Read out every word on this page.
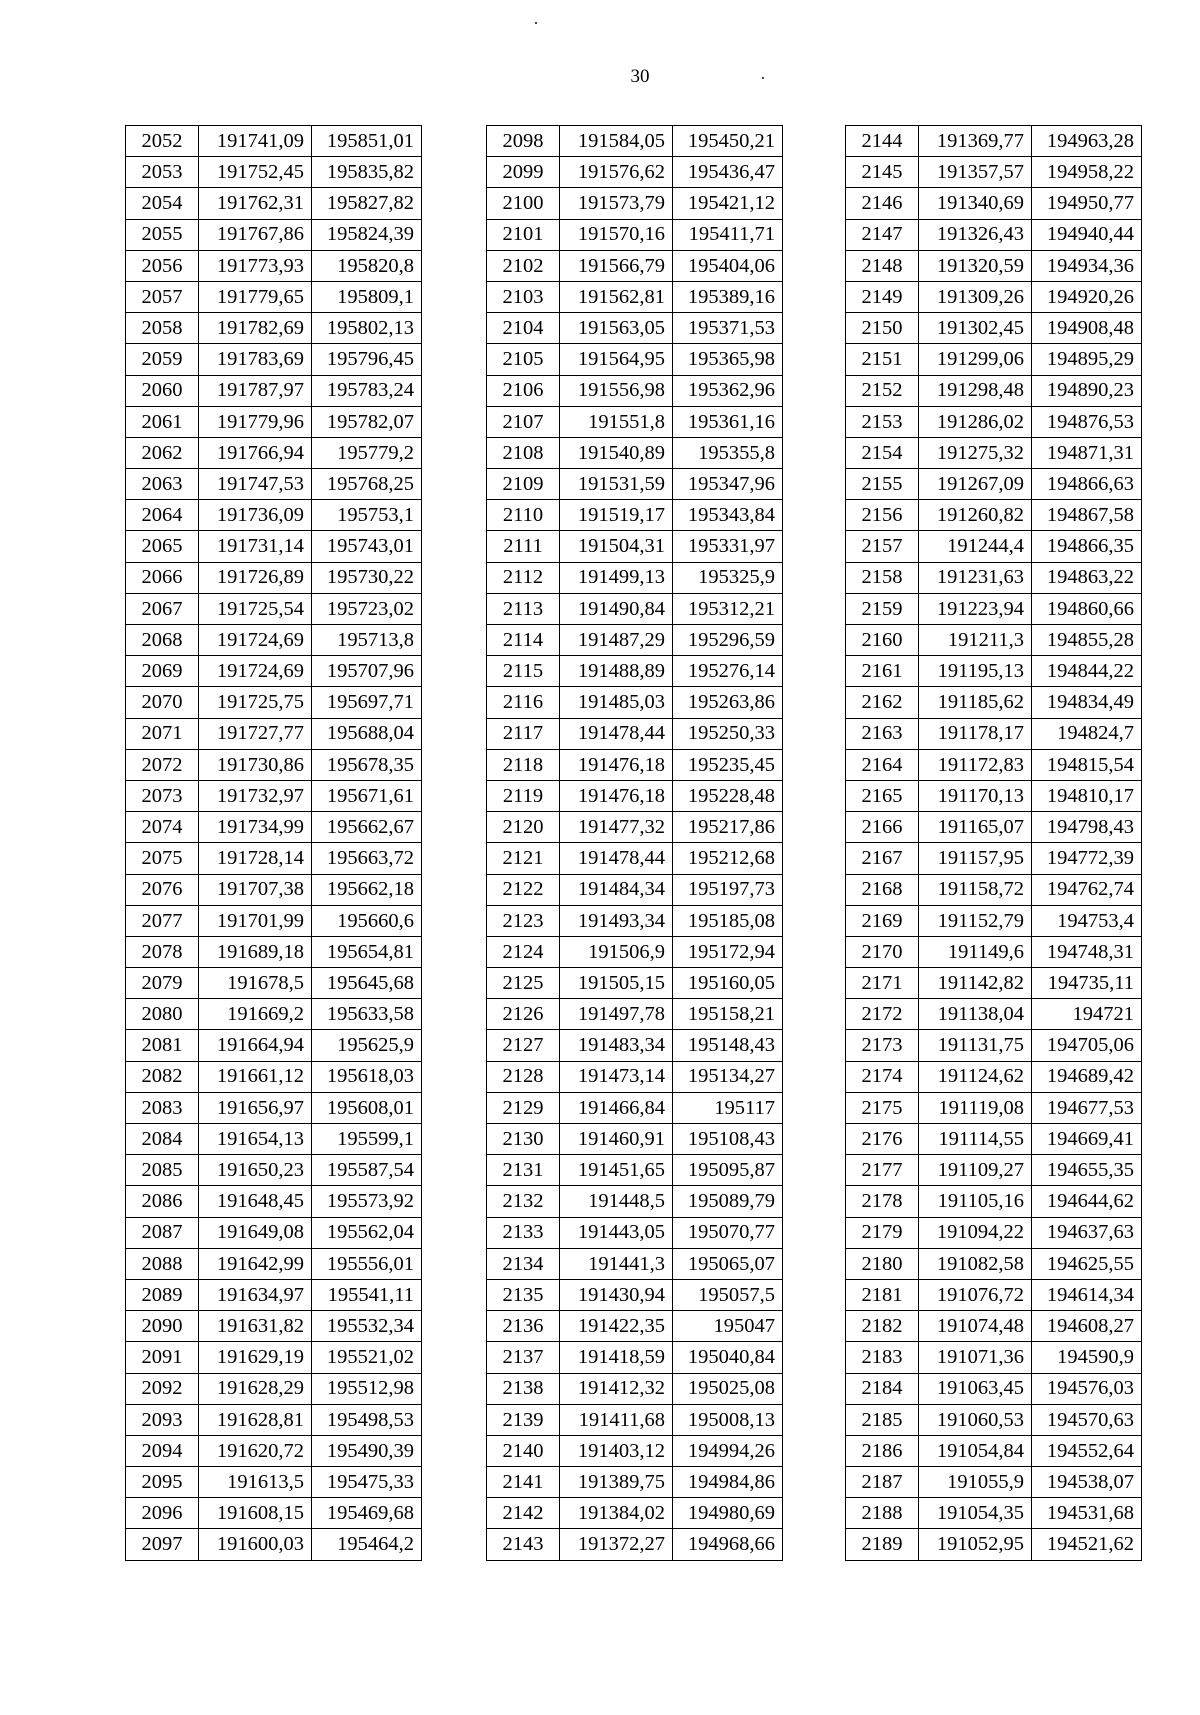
30
2052	191741,09	195851,01
2053	191752,45	195835,82
2054	191762,31	195827,82
2055	191767,86	195824,39
2056	191773,93	195820,8
2057	191779,65	195809,1
2058	191782,69	195802,13
2059	191783,69	195796,45
2060	191787,97	195783,24
2061	191779,96	195782,07
2062	191766,94	195779,2
2063	191747,53	195768,25
2064	191736,09	195753,1
2065	191731,14	195743,01
2066	191726,89	195730,22
2067	191725,54	195723,02
2068	191724,69	195713,8
2069	191724,69	195707,96
2070	191725,75	195697,71
2071	191727,77	195688,04
2072	191730,86	195678,35
2073	191732,97	195671,61
2074	191734,99	195662,67
2075	191728,14	195663,72
2076	191707,38	195662,18
2077	191701,99	195660,6
2078	191689,18	195654,81
2079	191678,5	195645,68
2080	191669,2	195633,58
2081	191664,94	195625,9
2082	191661,12	195618,03
2083	191656,97	195608,01
2084	191654,13	195599,1
2085	191650,23	195587,54
2086	191648,45	195573,92
2087	191649,08	195562,04
2088	191642,99	195556,01
2089	191634,97	195541,11
2090	191631,82	195532,34
2091	191629,19	195521,02
2092	191628,29	195512,98
2093	191628,81	195498,53
2094	191620,72	195490,39
2095	191613,5	195475,33
2096	191608,15	195469,68
2097	191600,03	195464,2
2098	191584,05	195450,21
2099	191576,62	195436,47
2100	191573,79	195421,12
2101	191570,16	195411,71
2102	191566,79	195404,06
2103	191562,81	195389,16
2104	191563,05	195371,53
2105	191564,95	195365,98
2106	191556,98	195362,96
2107	191551,8	195361,16
2108	191540,89	195355,8
2109	191531,59	195347,96
2110	191519,17	195343,84
2111	191504,31	195331,97
2112	191499,13	195325,9
2113	191490,84	195312,21
2114	191487,29	195296,59
2115	191488,89	195276,14
2116	191485,03	195263,86
2117	191478,44	195250,33
2118	191476,18	195235,45
2119	191476,18	195228,48
2120	191477,32	195217,86
2121	191478,44	195212,68
2122	191484,34	195197,73
2123	191493,34	195185,08
2124	191506,9	195172,94
2125	191505,15	195160,05
2126	191497,78	195158,21
2127	191483,34	195148,43
2128	191473,14	195134,27
2129	191466,84	195117
2130	191460,91	195108,43
2131	191451,65	195095,87
2132	191448,5	195089,79
2133	191443,05	195070,77
2134	191441,3	195065,07
2135	191430,94	195057,5
2136	191422,35	195047
2137	191418,59	195040,84
2138	191412,32	195025,08
2139	191411,68	195008,13
2140	191403,12	194994,26
2141	191389,75	194984,86
2142	191384,02	194980,69
2143	191372,27	194968,66
2144	191369,77	194963,28
2145	191357,57	194958,22
2146	191340,69	194950,77
2147	191326,43	194940,44
2148	191320,59	194934,36
2149	191309,26	194920,26
2150	191302,45	194908,48
2151	191299,06	194895,29
2152	191298,48	194890,23
2153	191286,02	194876,53
2154	191275,32	194871,31
2155	191267,09	194866,63
2156	191260,82	194867,58
2157	191244,4	194866,35
2158	191231,63	194863,22
2159	191223,94	194860,66
2160	191211,3	194855,28
2161	191195,13	194844,22
2162	191185,62	194834,49
2163	191178,17	194824,7
2164	191172,83	194815,54
2165	191170,13	194810,17
2166	191165,07	194798,43
2167	191157,95	194772,39
2168	191158,72	194762,74
2169	191152,79	194753,4
2170	191149,6	194748,31
2171	191142,82	194735,11
2172	191138,04	194721
2173	191131,75	194705,06
2174	191124,62	194689,42
2175	191119,08	194677,53
2176	191114,55	194669,41
2177	191109,27	194655,35
2178	191105,16	194644,62
2179	191094,22	194637,63
2180	191082,58	194625,55
2181	191076,72	194614,34
2182	191074,48	194608,27
2183	191071,36	194590,9
2184	191063,45	194576,03
2185	191060,53	194570,63
2186	191054,84	194552,64
2187	191055,9	194538,07
2188	191054,35	194531,68
2189	191052,95	194521,62
